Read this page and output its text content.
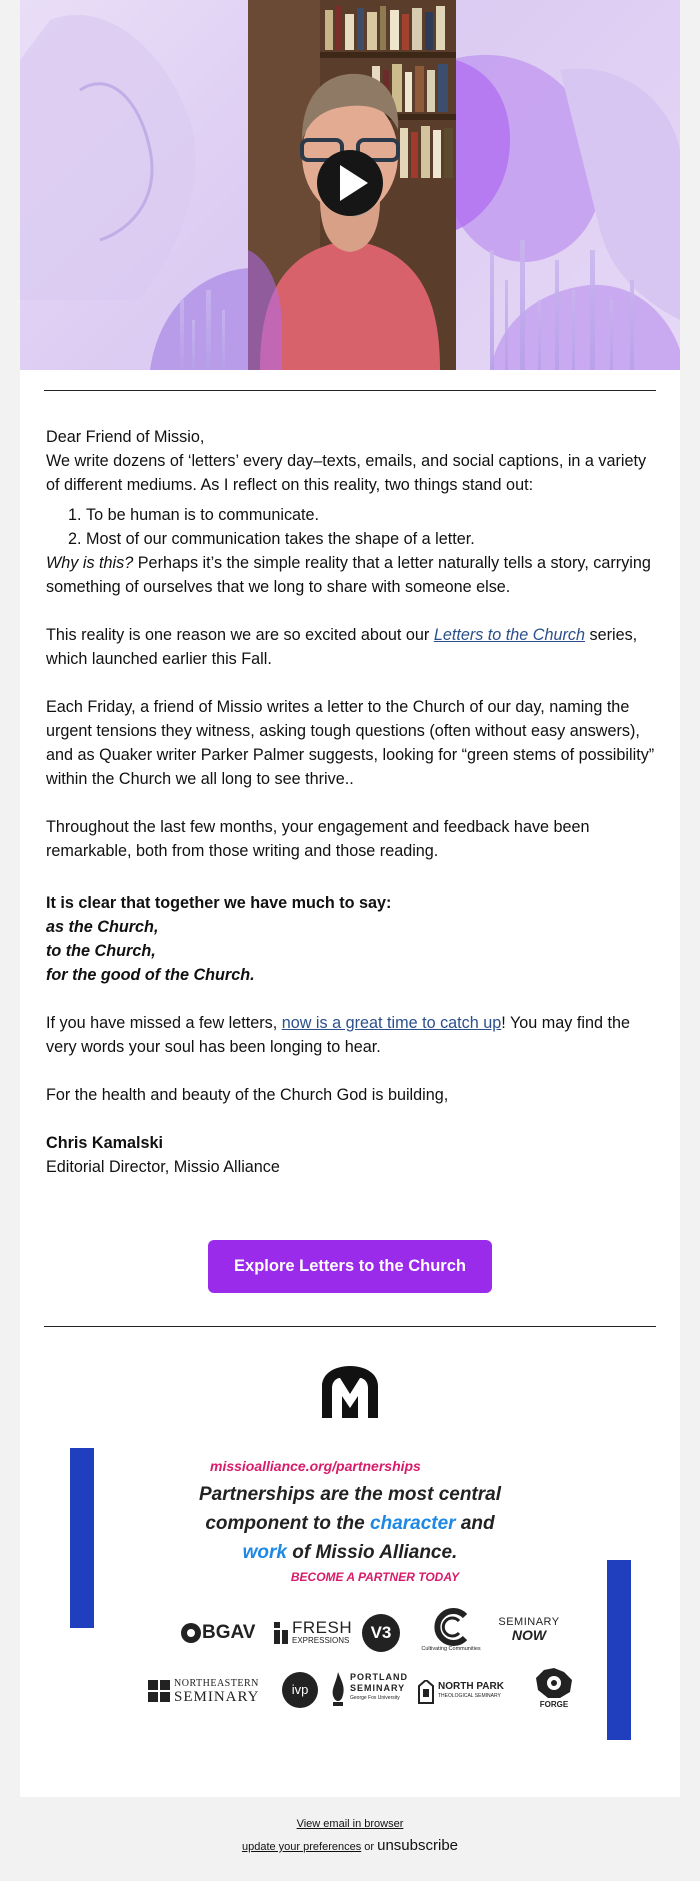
Dear Friend of Missio,

We write dozens of ‘letters’ every day–texts, emails, and social captions, in a variety of different mediums. As I reflect on this reality, two things stand out:

1. To be human is to communicate.
2. Most of our communication takes the shape of a letter.

Why is this? Perhaps it’s the simple reality that a letter naturally tells a story, carrying something of ourselves that we long to share with someone else.

This reality is one reason we are so excited about our Letters to the Church series, which launched earlier this Fall.

Each Friday, a friend of Missio writes a letter to the Church of our day, naming the urgent tensions they witness, asking tough questions (often without easy answers), and as Quaker writer Parker Palmer suggests, looking for “green stems of possibility” within the Church we all long to see thrive..

Throughout the last few months, your engagement and feedback have been remarkable, both from those writing and those reading.

It is clear that together we have much to say:

as the Church,

to the Church,

for the good of the Church.

If you have missed a few letters, now is a great time to catch up! You may find the very words your soul has been longing to hear.

For the health and beauty of the Church God is building,

Chris Kamalski

Editorial Director, Missio Alliance

Explore Letters to the Church
missioalliance.org/partnerships
Partnerships are the most central
component to the character and
work of Missio Alliance.
BECOME A PARTNER TODAY
BGAV FRESH
EXPRESSIONS	V3
Cultivating Communities
SEMINARY
NOW
NORTHEASTERN
SEMINARY	ivp
PORTLAND
SEMINARY
George Fox University
NORTH PARK
THEOLOGICAL SEMINARY
FORGE
View email in browser
update your preferences or unsubscribe
